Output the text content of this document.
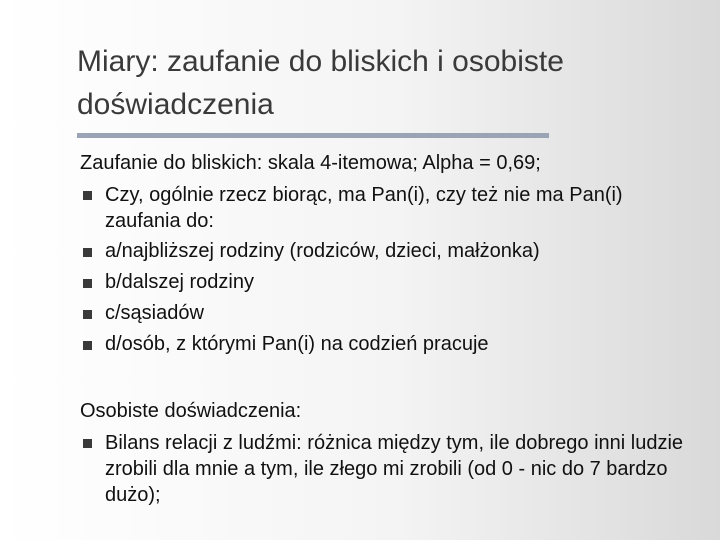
Miary: zaufanie do bliskich i osobiste doświadczenia

Zaufanie do bliskich: skala 4-itemowa; Alpha = 0,69;

Czy, ogólnie rzecz biorąc, ma Pan(i), czy też nie ma Pan(i) zaufania do:
a/najbliższej rodziny (rodziców, dzieci, małżonka)
b/dalszej rodziny
c/sąsiadów
d/osób, z którymi Pan(i) na codzień pracuje

Osobiste doświadczenia:

Bilans relacji z ludźmi: różnica między tym, ile dobrego inni ludzie zrobili dla mnie a tym, ile złego mi zrobili (od 0 - nic do 7 bardzo dużo);
